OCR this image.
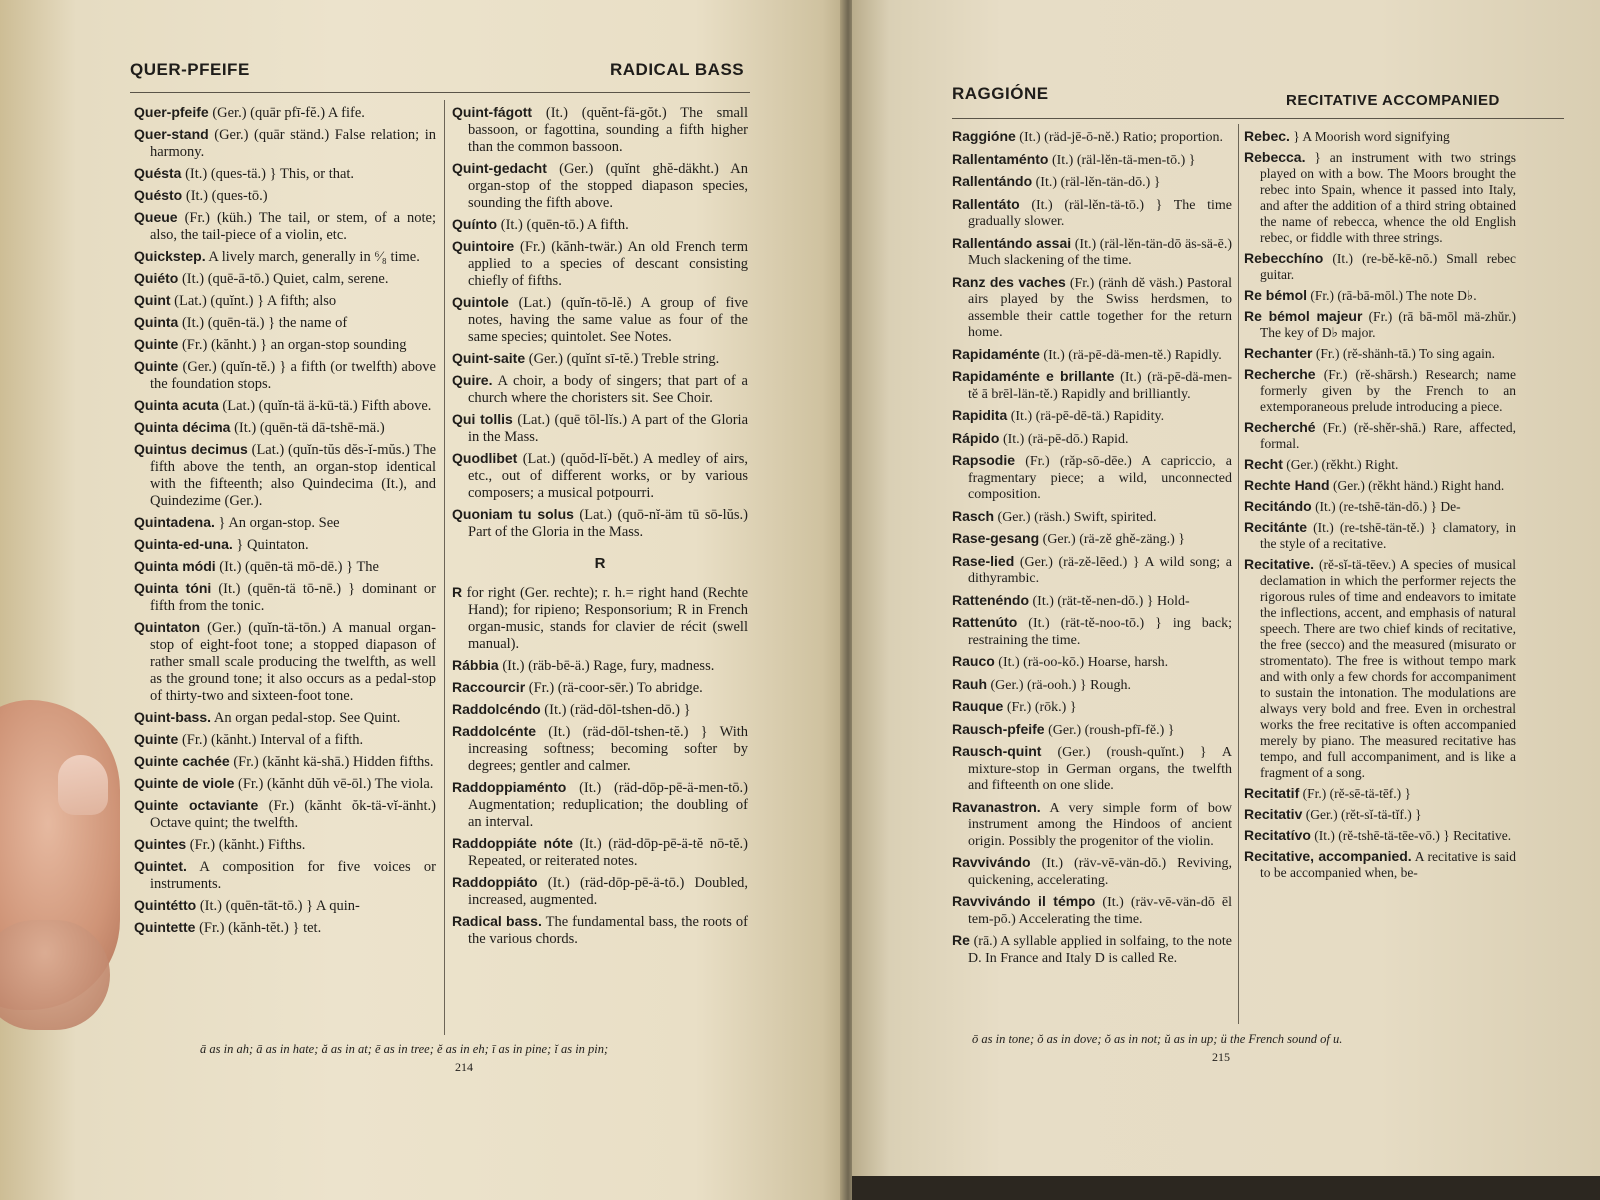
QUER-PFEIFE	RADICAL BASS

Quer-pfeife (Ger.) (quār pfī-fĕ.) A fife.

Quer-stand (Ger.) (quār ständ.) False relation; in harmony.

Quésta (It.) (ques-tä.) } This, or that.

Quésto (It.) (ques-tō.)

Queue (Fr.) (küh.) The tail, or stem, of a note; also, the tail-piece of a violin, etc.

Quickstep. A lively march, generally in ⁶⁄₈ time.

Quiéto (It.) (quē-ā-tō.) Quiet, calm, serene.

Quint (Lat.) (quĭnt.) } A fifth; also

Quinta (It.) (quēn-tä.) } the name of

Quinte (Fr.) (kănht.) } an organ-stop sounding

Quinte (Ger.) (quĭn-tĕ.) } a fifth (or twelfth) above the foundation stops.

Quinta acuta (Lat.) (quĭn-tä ä-kū-tä.) Fifth above.

Quinta décima (It.) (quēn-tä dā-tshē-mä.)

Quintus decimus (Lat.) (quĭn-tŭs dĕs-ĭ-mŭs.) The fifth above the tenth, an organ-stop identical with the fifteenth; also Quindecima (It.), and Quindezime (Ger.).

Quintadena. } An organ-stop. See

Quinta-ed-una. } Quintaton.

Quinta módi (It.) (quēn-tä mō-dē.) } The

Quinta tóni (It.) (quēn-tä tō-nē.) } dominant or fifth from the tonic.

Quintaton (Ger.) (quĭn-tä-tōn.) A manual organ-stop of eight-foot tone; a stopped diapason of rather small scale producing the twelfth, as well as the ground tone; it also occurs as a pedal-stop of thirty-two and sixteen-foot tone.

Quint-bass. An organ pedal-stop. See Quint.

Quinte (Fr.) (kănht.) Interval of a fifth.

Quinte cachée (Fr.) (kănht kä-shā.) Hidden fifths.

Quinte de viole (Fr.) (kănht dŭh vē-ōl.) The viola.

Quinte octaviante (Fr.) (kănht ŏk-tä-vĭ-änht.) Octave quint; the twelfth.

Quintes (Fr.) (kănht.) Fifths.

Quintet. A composition for five voices or instruments.

Quintétto (It.) (quēn-tāt-tō.) } A quin-

Quintette (Fr.) (kănh-tĕt.) } tet.

Quint-fágott (It.) (quĕnt-fä-gŏt.) The small bassoon, or fagottina, sounding a fifth higher than the common bassoon.

Quint-gedacht (Ger.) (quĭnt ghĕ-däkht.) An organ-stop of the stopped diapason species, sounding the fifth above.

Quínto (It.) (quēn-tō.) A fifth.

Quintoire (Fr.) (kănh-twär.) An old French term applied to a species of descant consisting chiefly of fifths.

Quintole (Lat.) (quĭn-tō-lĕ.) A group of five notes, having the same value as four of the same species; quintolet. See Notes.

Quint-saite (Ger.) (quĭnt sī-tĕ.) Treble string.

Quire. A choir, a body of singers; that part of a church where the choristers sit. See Choir.

Qui tollis (Lat.) (quē tōl-lĭs.) A part of the Gloria in the Mass.

Quodlibet (Lat.) (quŏd-lĭ-bĕt.) A medley of airs, etc., out of different works, or by various composers; a musical potpourri.

Quoniam tu solus (Lat.) (quō-nĭ-äm tū sō-lŭs.) Part of the Gloria in the Mass.

R

R for right (Ger. rechte); r. h.= right hand (Rechte Hand); for ripieno; Responsorium; R in French organ-music, stands for clavier de récit (swell manual).

Rábbia (It.) (räb-bē-ä.) Rage, fury, madness.

Raccourcir (Fr.) (rä-coor-sēr.) To abridge.

Raddolcéndo (It.) (räd-dōl-tshen-dō.) }

Raddolcénte (It.) (räd-dōl-tshen-tĕ.) } With increasing softness; becoming softer by degrees; gentler and calmer.

Raddoppiaménto (It.) (räd-dōp-pē-ä-men-tō.) Augmentation; reduplication; the doubling of an interval.

Raddoppiáte nóte (It.) (räd-dōp-pē-ä-tĕ nō-tĕ.) Repeated, or reiterated notes.

Raddoppiáto (It.) (räd-dōp-pē-ä-tō.) Doubled, increased, augmented.

Radical bass. The fundamental bass, the roots of the various chords.

ā as in ah; ā as in hate; ă as in at; ē as in tree; ĕ as in eh; ī as in pine; ĭ as in pin;
214
RAGGIÓNE	RECITATIVE ACCOMPANIED

Raggióne (It.) (räd-jē-ō-nĕ.) Ratio; proportion.

Rallentaménto (It.) (räl-lĕn-tä-men-tō.) }

Rallentándo (It.) (räl-lĕn-tän-dō.) }

Rallentáto (It.) (räl-lĕn-tä-tō.) } The time gradually slower.

Rallentándo assai (It.) (räl-lĕn-tän-dō äs-sä-ē.) Much slackening of the time.

Ranz des vaches (Fr.) (ränh dĕ väsh.) Pastoral airs played by the Swiss herdsmen, to assemble their cattle together for the return home.

Rapidaménte (It.) (rä-pē-dä-men-tĕ.) Rapidly.

Rapidaménte e brillante (It.) (rä-pē-dä-men-tĕ ā brēl-län-tĕ.) Rapidly and brilliantly.

Rapidita (It.) (rä-pē-dē-tä.) Rapidity.

Rápido (It.) (rä-pē-dō.) Rapid.

Rapsodie (Fr.) (răp-sō-dēe.) A capriccio, a fragmentary piece; a wild, unconnected composition.

Rasch (Ger.) (räsh.) Swift, spirited.

Rase-gesang (Ger.) (rä-zĕ ghĕ-zäng.) }

Rase-lied (Ger.) (rä-zĕ-lēed.) } A wild song; a dithyrambic.

Rattenéndo (It.) (rät-tĕ-nen-dō.) } Hold-

Rattenúto (It.) (rät-tĕ-noo-tō.) } ing back; restraining the time.

Rauco (It.) (rä-oo-kō.) Hoarse, harsh.

Rauh (Ger.) (rä-ooh.) } Rough.

Rauque (Fr.) (rōk.) }

Rausch-pfeife (Ger.) (roush-pfī-fĕ.) }

Rausch-quint (Ger.) (roush-quĭnt.) } A mixture-stop in German organs, the twelfth and fifteenth on one slide.

Ravanastron. A very simple form of bow instrument among the Hindoos of ancient origin. Possibly the progenitor of the violin.

Ravvivándo (It.) (räv-vē-vän-dō.) Reviving, quickening, accelerating.

Ravvivándo il témpo (It.) (räv-vē-vän-dō ēl tem-pō.) Accelerating the time.

Re (rā.) A syllable applied in solfaing, to the note D. In France and Italy D is called Re.

Rebec. } A Moorish word signifying

Rebecca. } an instrument with two strings played on with a bow. The Moors brought the rebec into Spain, whence it passed into Italy, and after the addition of a third string obtained the name of rebecca, whence the old English rebec, or fiddle with three strings.

Rebecchíno (It.) (re-bĕ-kē-nō.) Small rebec guitar.

Re bémol (Fr.) (rā-bā-mōl.) The note D♭.

Re bémol majeur (Fr.) (rā bā-mōl mä-zhŭr.) The key of D♭ major.

Rechanter (Fr.) (rĕ-shänh-tā.) To sing again.

Recherche (Fr.) (rĕ-shārsh.) Research; name formerly given by the French to an extemporaneous prelude introducing a piece.

Recherché (Fr.) (rĕ-shĕr-shā.) Rare, affected, formal.

Recht (Ger.) (rĕkht.) Right.

Rechte Hand (Ger.) (rĕkht händ.) Right hand.

Recitándo (It.) (re-tshē-tän-dō.) } De-

Recitánte (It.) (re-tshē-tän-tĕ.) } clamatory, in the style of a recitative.

Recitative. (rĕ-sĭ-tä-tēev.) A species of musical declamation in which the performer rejects the rigorous rules of time and endeavors to imitate the inflections, accent, and emphasis of natural speech. There are two chief kinds of recitative, the free (secco) and the measured (misurato or stromentato). The free is without tempo mark and with only a few chords for accompaniment to sustain the intonation. The modulations are always very bold and free. Even in orchestral works the free recitative is often accompanied merely by piano. The measured recitative has tempo, and full accompaniment, and is like a fragment of a song.

Recitatif (Fr.) (rĕ-sē-tä-tēf.) }

Recitativ (Ger.) (rĕt-sĭ-tä-tĭf.) }

Recitatívo (It.) (rĕ-tshē-tä-tēe-vō.) } Recitative.

Recitative, accompanied. A recitative is said to be accompanied when, be-

ō as in tone; ŏ as in dove; ŏ as in not; ŭ as in up; ü the French sound of u.
215
